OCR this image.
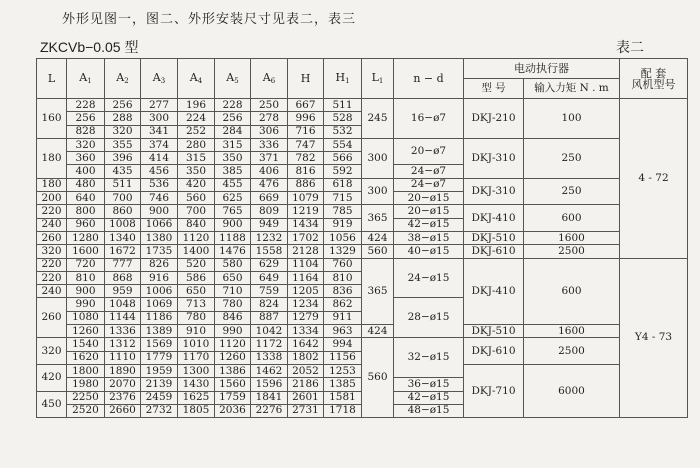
外形见图一，图二、外形安装尺寸见表二，表三
ZKCVb−0.05 型	表二
L	$A_1$	$A_2$	$A_3$	$A_4$	$A_5$	$A_6$	H	$H_1$	$L_1$	n − d	电动执行器		配 套
风机型号
											型 号	输入力矩 N . m	
160	228	256	277	196	228	250	667	511	245	16−ø7	DKJ-210	100	4 - 72
	256	288	300	224	256	278	996	528					
	828	320	341	252	284	306	716	532					
180	320	355	374	280	315	336	747	554	300	20−ø7	DKJ-310	250	
	360	396	414	315	350	371	782	566					
	400	435	456	350	385	406	816	592		24−ø7			
180	480	511	536	420	455	476	886	618	300	24−ø7	DKJ-310	250	
200	640	700	746	560	625	669	1079	715		20−ø15			
220	800	860	900	700	765	809	1219	785	365	20−ø15	DKJ-410	600	
240	960	1008	1066	840	900	949	1434	919		42−ø15			
260	1280	1340	1380	1120	1188	1232	1702	1056	424	38−ø15	DKJ-510	1600	
320	1600	1672	1735	1400	1476	1558	2128	1329	560	40−ø15	DKJ-610	2500	
220	720	777	826	520	580	629	1104	760	365	24−ø15	DKJ-410	600	Y4 - 73
220	810	868	916	586	650	649	1164	810					
240	900	959	1006	650	710	759	1205	836					
260	990	1048	1069	713	780	824	1234	862		28−ø15			
	1080	1144	1186	780	846	887	1279	911					
	1260	1336	1389	910	990	1042	1334	963	424		DKJ-510	1600	
320	1540	1312	1569	1010	1120	1172	1642	994	560	32−ø15	DKJ-610	2500	
	1620	1110	1779	1170	1260	1338	1802	1156					
420	1800	1890	1959	1300	1386	1462	2052	1253			DKJ-710	6000	
	1980	2070	2139	1430	1560	1596	2186	1385		36−ø15			
450	2250	2376	2459	1625	1759	1841	2601	1581		42−ø15			
	2520	2660	2732	1805	2036	2276	2731	1718		48−ø15			
